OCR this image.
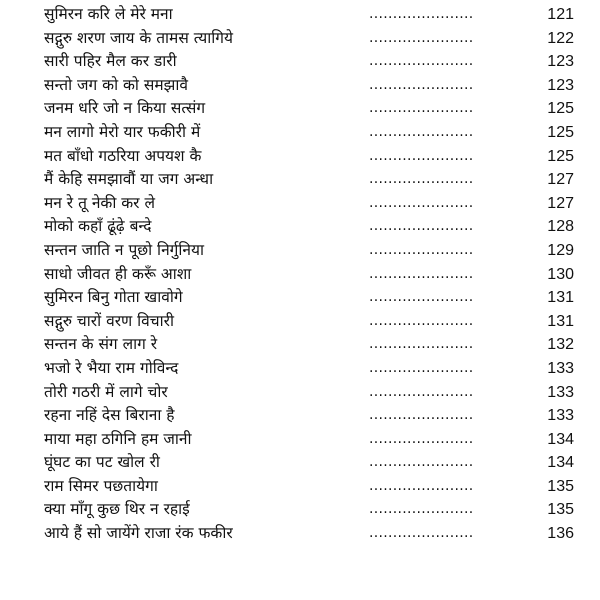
सुमिरन करि ले मेरे मना	......................	121
सद्गुरु शरण जाय के तामस त्यागिये	......................	122
सारी पहिर मैल कर डारी	......................	123
सन्तो जग को को समझावै	......................	123
जनम धरि जो न किया सत्संग	......................	125
मन लागो मेरो यार फकीरी में	......................	125
मत बाँधो गठरिया अपयश कै	......................	125
मैं केहि समझावौं या जग अन्धा	......................	127
मन रे तू नेकी कर ले	......................	127
मोको कहाँ ढूंढ़े बन्दे	......................	128
सन्तन जाति न पूछो निर्गुनिया	......................	129
साधो जीवत ही करूँ आशा	......................	130
सुमिरन बिनु गोता खावोगे	......................	131
सद्गुरु चारों वरण विचारी	......................	131
सन्तन के संग लाग रे	......................	132
भजो रे भैया राम गोविन्द	......................	133
तोरी गठरी में लागे चोर	......................	133
रहना नहिं देस बिराना है	......................	133
माया महा ठगिनि हम जानी	......................	134
घूंघट का पट खोल री	......................	134
राम सिमर पछतायेगा	......................	135
क्या माँगू कुछ थिर न रहाई	......................	135
आये हैं सो जायेंगे राजा रंक फकीर	......................	136
